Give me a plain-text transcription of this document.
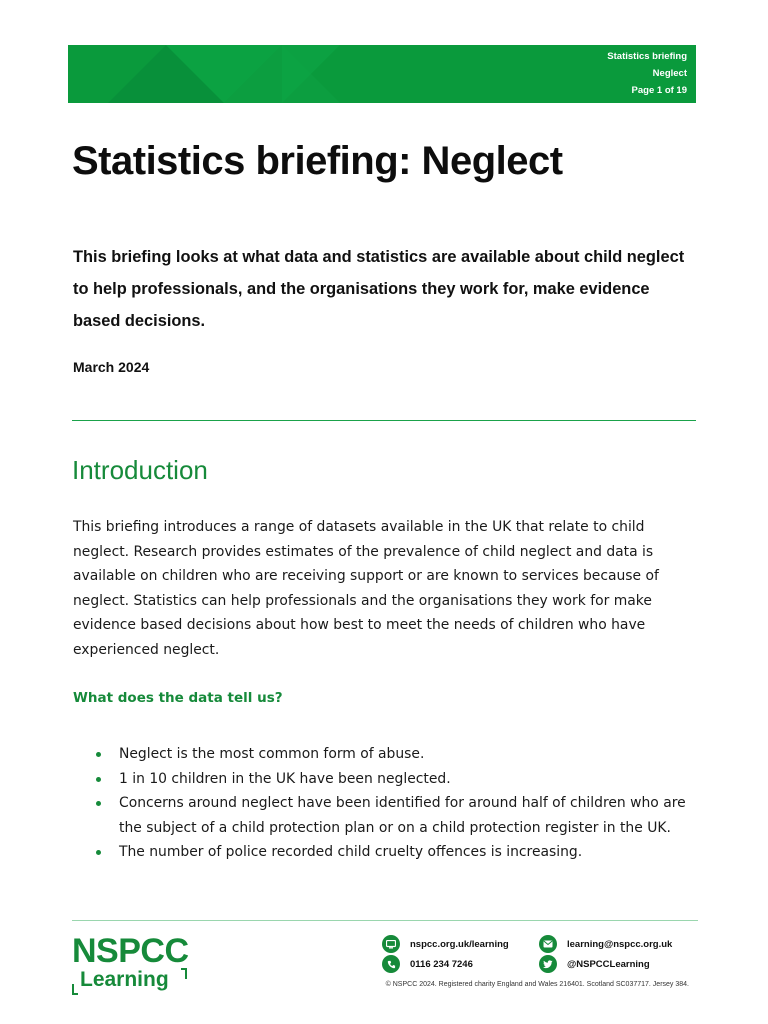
Statistics briefing
Neglect
Page 1 of 19
Statistics briefing: Neglect

This briefing looks at what data and statistics are available about child neglect to help professionals, and the organisations they work for, make evidence based decisions.

March 2024

Introduction

This briefing introduces a range of datasets available in the UK that relate to child neglect. Research provides estimates of the prevalence of child neglect and data is available on children who are receiving support or are known to services because of neglect. Statistics can help professionals and the organisations they work for make evidence based decisions about how best to meet the needs of children who have experienced neglect.

What does the data tell us?
Neglect is the most common form of abuse.
1 in 10 children in the UK have been neglected.
Concerns around neglect have been identified for around half of children who are the subject of a child protection plan or on a child protection register in the UK.
The number of police recorded child cruelty offences is increasing.
NSPCC
Learning
nspcc.org.uk/learning	learning@nspcc.org.uk
0116 234 7246	@NSPCCLearning
© NSPCC 2024. Registered charity England and Wales 216401. Scotland SC037717. Jersey 384.
